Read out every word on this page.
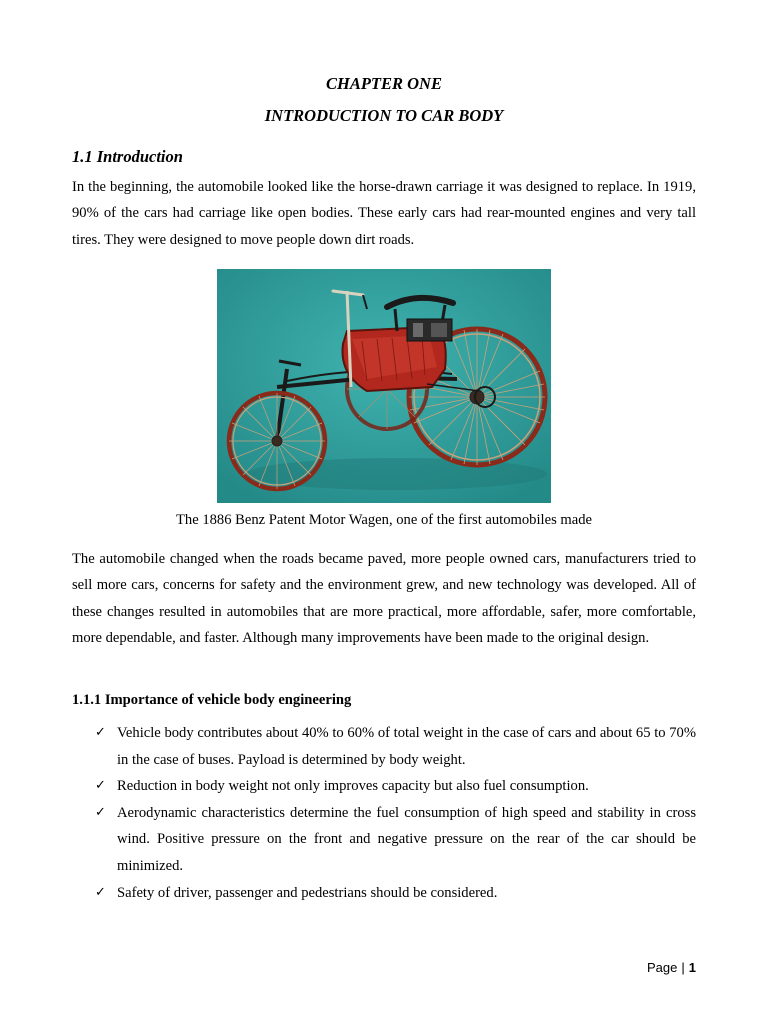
CHAPTER ONE
INTRODUCTION TO CAR BODY
1.1 Introduction

In the beginning, the automobile looked like the horse-drawn carriage it was designed to replace. In 1919, 90% of the cars had carriage like open bodies. These early cars had rear-mounted engines and very tall tires. They were designed to move people down dirt roads.

The 1886 Benz Patent Motor Wagen, one of the first automobiles made

The automobile changed when the roads became paved, more people owned cars, manufacturers tried to sell more cars, concerns for safety and the environment grew, and new technology was developed. All of these changes resulted in automobiles that are more practical, more affordable, safer, more comfortable, more dependable, and faster. Although many improvements have been made to the original design.

1.1.1 Importance of vehicle body engineering
✓ Vehicle body contributes about 40% to 60% of total weight in the case of cars and about 65 to 70% in the case of buses. Payload is determined by body weight.
✓ Reduction in body weight not only improves capacity but also fuel consumption.
✓ Aerodynamic characteristics determine the fuel consumption of high speed and stability in cross wind. Positive pressure on the front and negative pressure on the rear of the car should be minimized.
✓ Safety of driver, passenger and pedestrians should be considered.
Page | 1
